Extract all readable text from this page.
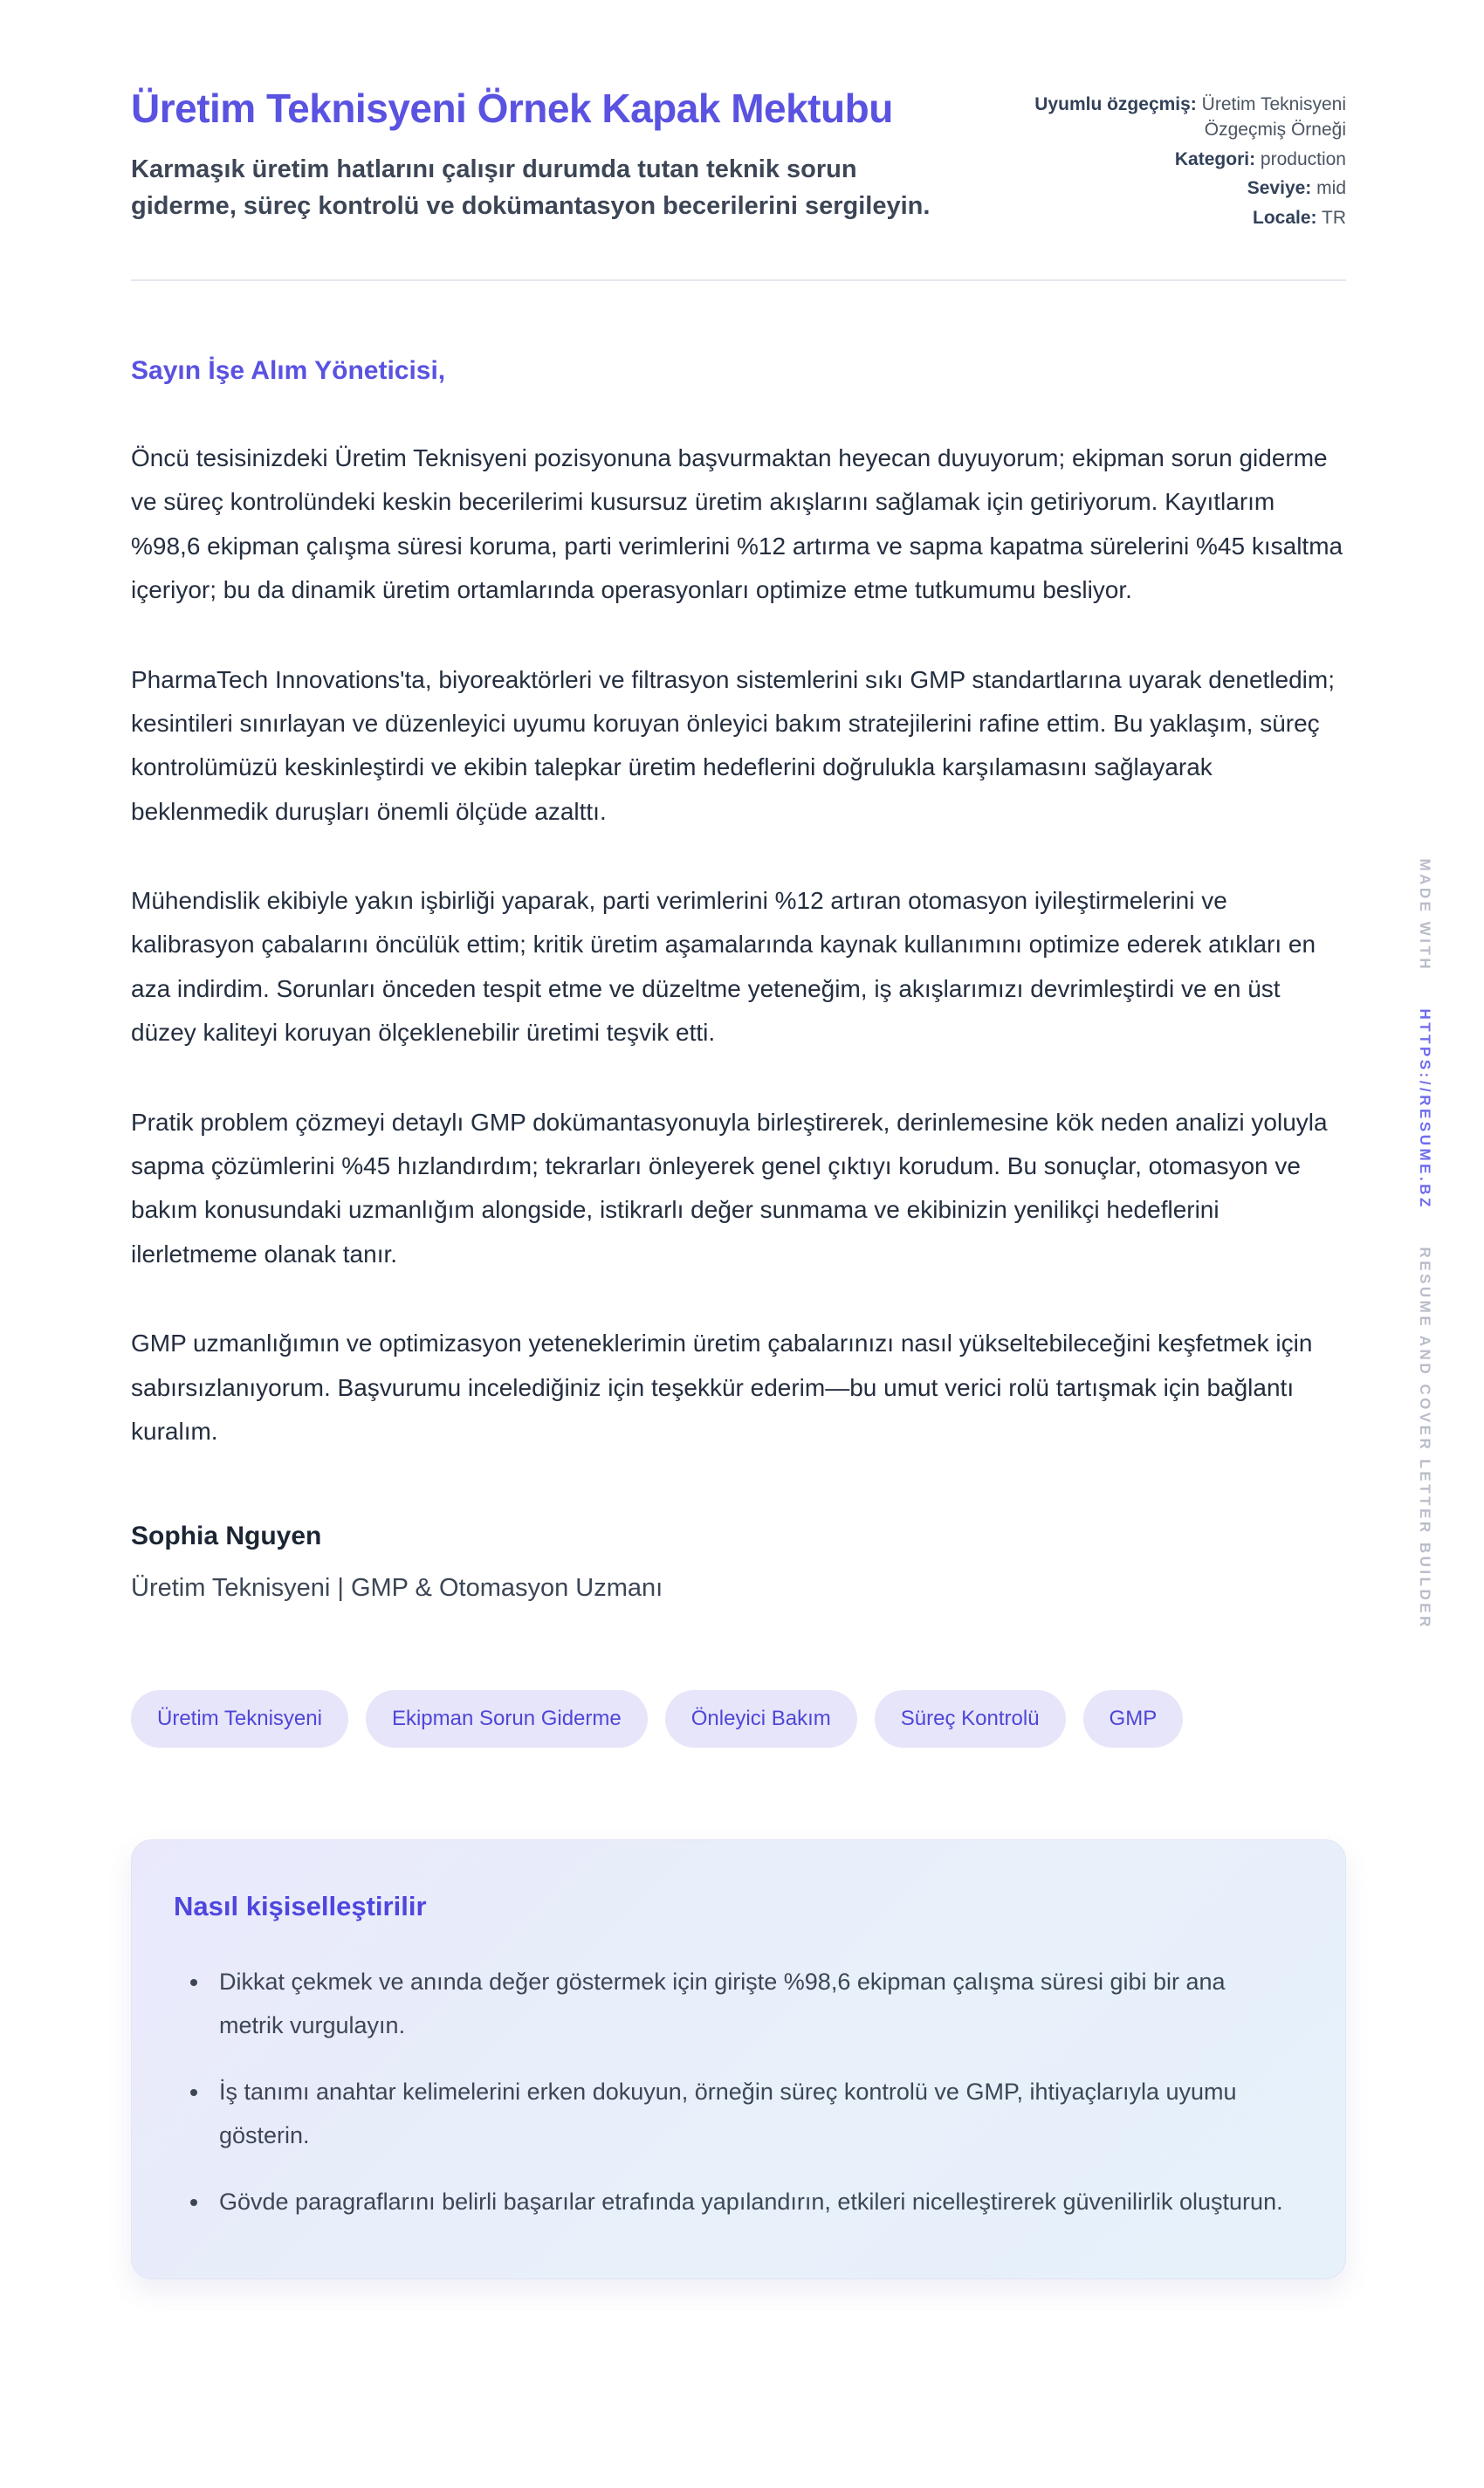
Üretim Teknisyeni Örnek Kapak Mektubu
Karmaşık üretim hatlarını çalışır durumda tutan teknik sorun giderme, süreç kontrolü ve dokümantasyon becerilerini sergileyin.
Uyumlu özgeçmiş: Üretim Teknisyeni Özgeçmiş Örneği
Kategori: production
Seviye: mid
Locale: TR
Sayın İşe Alım Yöneticisi,

Öncü tesisinizdeki Üretim Teknisyeni pozisyonuna başvurmaktan heyecan duyuyorum; ekipman sorun giderme ve süreç kontrolündeki keskin becerilerimi kusursuz üretim akışlarını sağlamak için getiriyorum. Kayıtlarım %98,6 ekipman çalışma süresi koruma, parti verimlerini %12 artırma ve sapma kapatma sürelerini %45 kısaltma içeriyor; bu da dinamik üretim ortamlarında operasyonları optimize etme tutkumumu besliyor.

PharmaTech Innovations'ta, biyoreaktörleri ve filtrasyon sistemlerini sıkı GMP standartlarına uyarak denetledim; kesintileri sınırlayan ve düzenleyici uyumu koruyan önleyici bakım stratejilerini rafine ettim. Bu yaklaşım, süreç kontrolümüzü keskinleştirdi ve ekibin talepkar üretim hedeflerini doğrulukla karşılamasını sağlayarak beklenmedik duruşları önemli ölçüde azalttı.

Mühendislik ekibiyle yakın işbirliği yaparak, parti verimlerini %12 artıran otomasyon iyileştirmelerini ve kalibrasyon çabalarını öncülük ettim; kritik üretim aşamalarında kaynak kullanımını optimize ederek atıkları en aza indirdim. Sorunları önceden tespit etme ve düzeltme yeteneğim, iş akışlarımızı devrimleştirdi ve en üst düzey kaliteyi koruyan ölçeklenebilir üretimi teşvik etti.

Pratik problem çözmeyi detaylı GMP dokümantasyonuyla birleştirerek, derinlemesine kök neden analizi yoluyla sapma çözümlerini %45 hızlandırdım; tekrarları önleyerek genel çıktıyı korudum. Bu sonuçlar, otomasyon ve bakım konusundaki uzmanlığım alongside, istikrarlı değer sunmama ve ekibinizin yenilikçi hedeflerini ilerletmeme olanak tanır.

GMP uzmanlığımın ve optimizasyon yeteneklerimin üretim çabalarınızı nasıl yükseltebileceğini keşfetmek için sabırsızlanıyorum. Başvurumu incelediğiniz için teşekkür ederim—bu umut verici rolü tartışmak için bağlantı kuralım.

Sophia Nguyen
Üretim Teknisyeni | GMP & Otomasyon Uzmanı
Üretim Teknisyeni	Ekipman Sorun Giderme	Önleyici Bakım	Süreç Kontrolü	GMP
Nasıl kişiselleştirilir
• Dikkat çekmek ve anında değer göstermek için girişte %98,6 ekipman çalışma süresi gibi bir ana metrik vurgulayın.
• İş tanımı anahtar kelimelerini erken dokuyun, örneğin süreç kontrolü ve GMP, ihtiyaçlarıyla uyumu gösterin.
• Gövde paragraflarını belirli başarılar etrafında yapılandırın, etkileri nicelleştirerek güvenilirlik oluşturun.
MADE WITH HTTPS://RESUME.BZ RESUME AND COVER LETTER BUILDER
